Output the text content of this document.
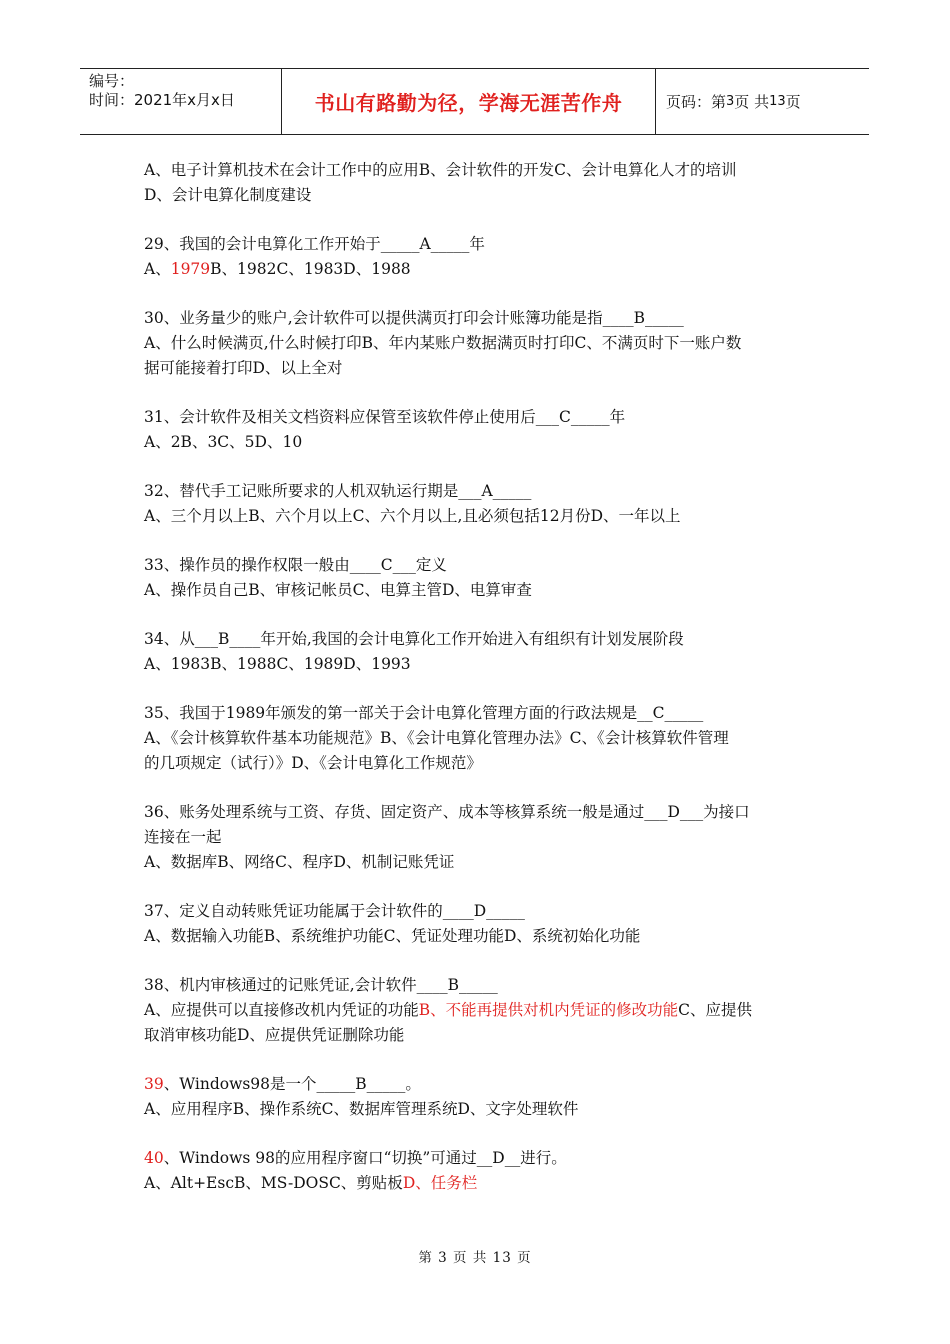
编号：
时间：2021年x月x日	书山有路勤为径，学海无涯苦作舟	页码：第 3 页 共 13 页

A、电子计算机技术在会计工作中的应用B、会计软件的开发C、会计电算化人才的培训

D、会计电算化制度建设

29、我国的会计电算化工作开始于_____A_____年

A、1979B、1982C、1983D、1988

30、业务量少的账户,会计软件可以提供满页打印会计账簿功能是指____B_____

A、什么时候满页,什么时候打印B、年内某账户数据满页时打印C、不满页时下一账户数

据可能接着打印D、以上全对

31、会计软件及相关文档资料应保管至该软件停止使用后___C_____年

A、2B、3C、5D、10

32、替代手工记账所要求的人机双轨运行期是___A_____

A、三个月以上B、六个月以上C、六个月以上,且必须包括12月份D、一年以上

33、操作员的操作权限一般由____C___定义

A、操作员自己B、审核记帐员C、电算主管D、电算审查

34、从___B____年开始,我国的会计电算化工作开始进入有组织有计划发展阶段

A、1983B、1988C、1989D、1993

35、我国于1989年颁发的第一部关于会计电算化管理方面的行政法规是__C_____

A、《会计核算软件基本功能规范》B、《会计电算化管理办法》C、《会计核算软件管理

的几项规定（试行）》D、《会计电算化工作规范》

36、账务处理系统与工资、存货、固定资产、成本等核算系统一般是通过___D___为接口

连接在一起

A、数据库B、网络C、程序D、机制记账凭证

37、定义自动转账凭证功能属于会计软件的____D_____

A、数据输入功能B、系统维护功能C、凭证处理功能D、系统初始化功能

38、机内审核通过的记账凭证,会计软件____B_____

A、应提供可以直接修改机内凭证的功能B、不能再提供对机内凭证的修改功能C、应提供

取消审核功能D、应提供凭证删除功能

39、Windows98是一个_____B_____。

A、应用程序B、操作系统C、数据库管理系统D、文字处理软件

40、Windows 98的应用程序窗口“切换”可通过__D__进行。

A、Alt+EscB、MS-DOSC、剪贴板D、任务栏

第 3 页 共 13 页
